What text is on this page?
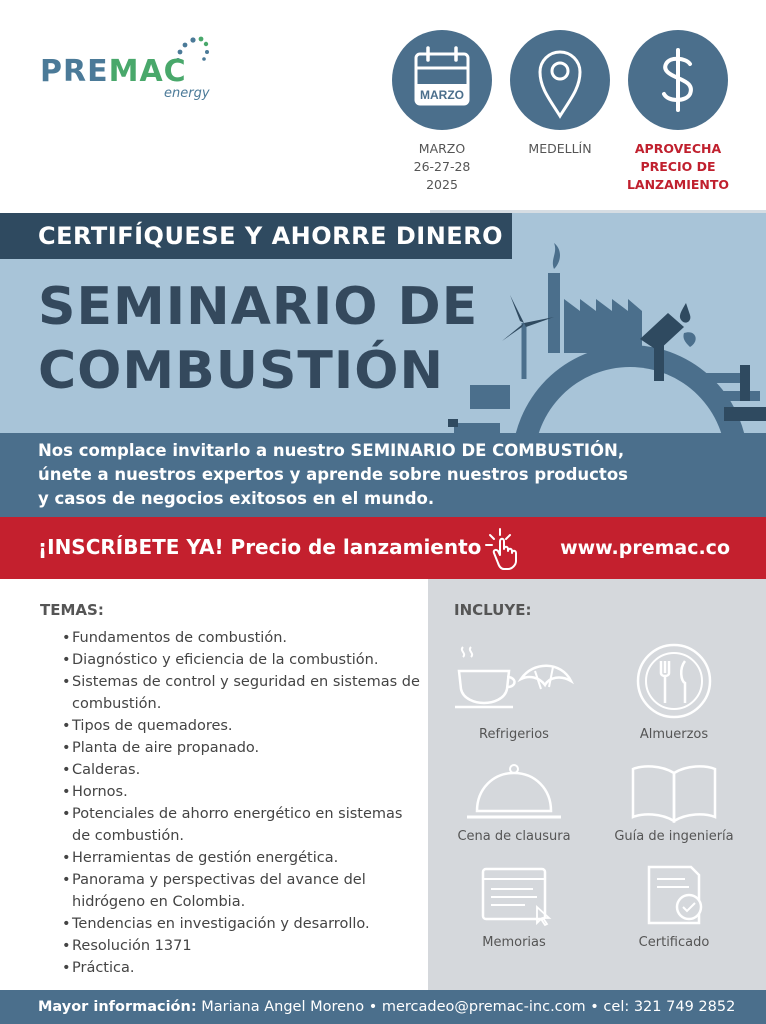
PREMAC
energy	MARZO
MARZO
26-27-28
2025
MEDELLÍN	APROVECHA
PRECIO DE
LANZAMIENTO
CERTIFÍQUESE Y AHORRE DINERO
SEMINARIO DE
COMBUSTIÓN
Nos complace invitarlo a nuestro SEMINARIO DE COMBUSTIÓN,
únete a nuestros expertos y aprende sobre nuestros productos
y casos de negocios exitosos en el mundo.
¡INSCRÍBETE YA! Precio de lanzamiento	www.premac.co
TEMAS:
• Fundamentos de combustión.
• Diagnóstico y eficiencia de la combustión.
• Sistemas de control y seguridad en sistemas de combustión.
• Tipos de quemadores.
• Planta de aire propanado.
• Calderas.
• Hornos.
• Potenciales de ahorro energético en sistemas de combustión.
• Herramientas de gestión energética.
• Panorama y perspectivas del avance del hidrógeno en Colombia.
• Tendencias en investigación y desarrollo.
• Resolución 1371
• Práctica.
INCLUYE:
Refrigerios	Almuerzos
Cena de clausura	Guía de ingeniería
Memorias	Certificado
Mayor información: Mariana Angel Moreno • mercadeo@premac-inc.com • cel: 321 749 2852
